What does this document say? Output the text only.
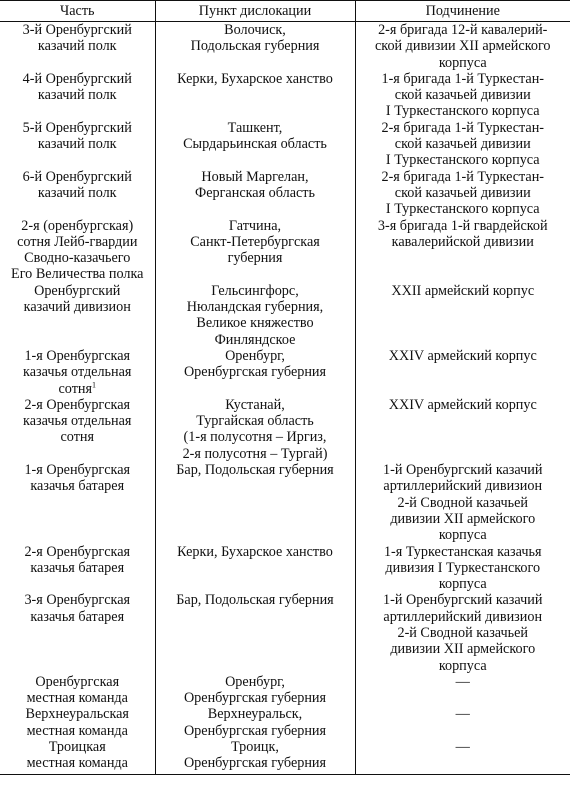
Часть	Пункт дислокации	Подчинение

3-й Оренбургский
казачий полк	Волочиск,
Подольская губерния	2-я бригада 12-й кавалерий-
ской дивизии XII армейского
корпуса

4-й Оренбургский
казачий полк	Керки, Бухарское ханство	1-я бригада 1-й Туркестан-
ской казачьей дивизии
I Туркестанского корпуса

5-й Оренбургский
казачий полк	Ташкент,
Сырдарьинская область	2-я бригада 1-й Туркестан-
ской казачьей дивизии
I Туркестанского корпуса

6-й Оренбургский
казачий полк	Новый Маргелан,
Ферганская область	2-я бригада 1-й Туркестан-
ской казачьей дивизии
I Туркестанского корпуса

2-я (оренбургская)
сотня Лейб-гвардии
Сводно-казачьего
Его Величества полка	Гатчина,
Санкт-Петербургская
губерния	3-я бригада 1-й гвардейской
кавалерийской дивизии

Оренбургский
казачий дивизион	Гельсингфорс,
Нюландская губерния,
Великое княжество
Финляндское	XXII армейский корпус

1-я Оренбургская
казачья отдельная
сотня$^1$	Оренбург,
Оренбургская губерния	XXIV армейский корпус

2-я Оренбургская
казачья отдельная
сотня	Кустанай,
Тургайская область
(1-я полусотня – Иргиз,
2-я полусотня – Тургай)	XXIV армейский корпус

1-я Оренбургская
казачья батарея	Бар, Подольская губерния	1-й Оренбургский казачий
артиллерийский дивизион
2-й Сводной казачьей
дивизии XII армейского
корпуса

2-я Оренбургская
казачья батарея	Керки, Бухарское ханство	1-я Туркестанская казачья
дивизия I Туркестанского
корпуса

3-я Оренбургская
казачья батарея	Бар, Подольская губерния	1-й Оренбургский казачий
артиллерийский дивизион
2-й Сводной казачьей
дивизии XII армейского
корпуса

Оренбургская
местная команда	Оренбург,
Оренбургская губерния	—

Верхнеуральская
местная команда	Верхнеуральск,
Оренбургская губерния	—

Троицкая
местная команда	Троицк,
Оренбургская губерния	—
